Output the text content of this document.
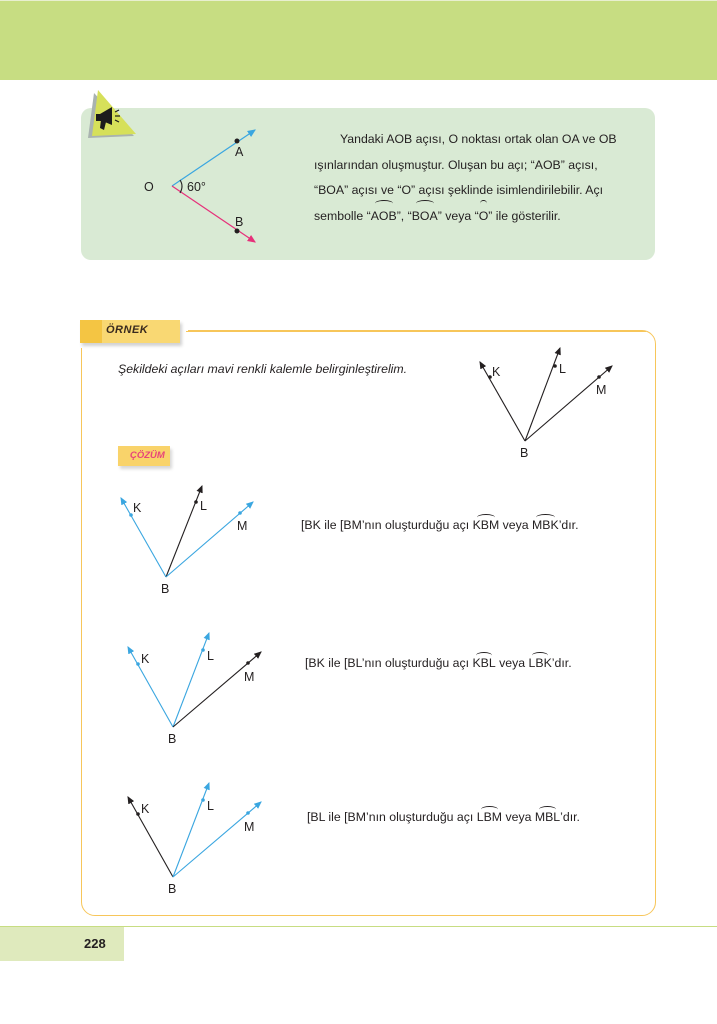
O
A
B
60°

Yandaki AOB açısı, O noktası ortak olan OA ve OB

ışınlarından oluşmuştur. Oluşan bu açı; “AOB” açısı,
“BOA” açısı ve “O” açısı şeklinde isimlendirilebilir. Açı
sembolle “AOB”, “BOA” veya “O” ile gösterilir.
ÖRNEK
Şekildeki açıları mavi renkli kalemle belirginleştirelim.	K	L
M
B
ÇÖZÜM
K	L
M
B
[BK ile [BM’nın oluşturduğu açı KBM veya MBK’dır.
K	L
M
B
[BK ile [BL’nın oluşturduğu açı KBL veya LBK’dır.
K	L
M
B
[BL ile [BM’nın oluşturduğu açı LBM veya MBL’dır.
228
